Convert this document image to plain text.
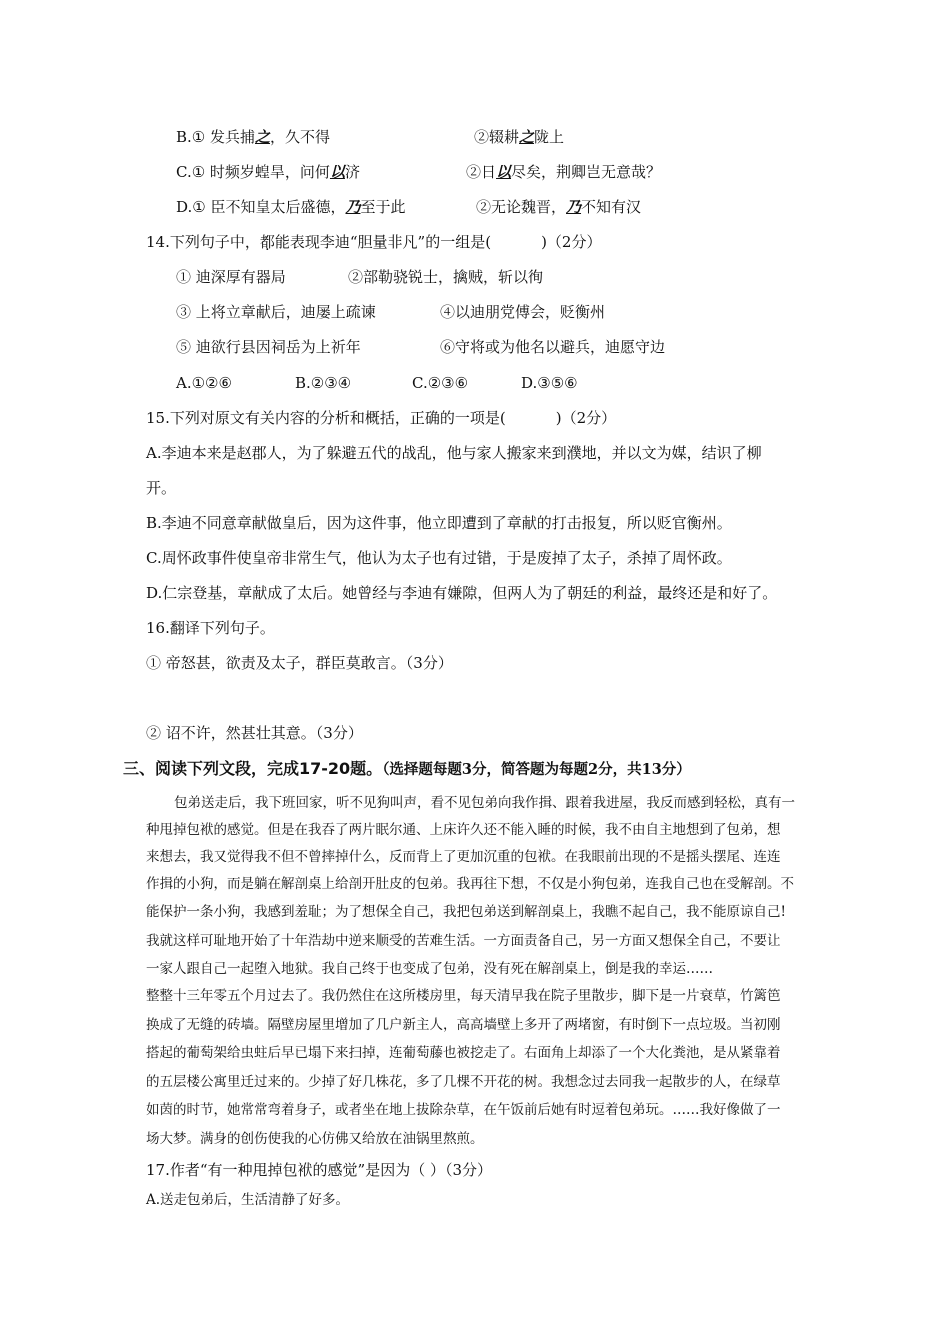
B.① 发兵捕之，久不得	②辍耕之陇上
C.① 时频岁蝗旱，问何以济	②日以尽矣，荆卿岂无意哉？
D.① 臣不知皇太后盛德，乃至于此	②无论魏晋，乃不知有汉
14.下列句子中，都能表现李迪“胆量非凡”的一组是(	)（2分）
① 迪深厚有器局	②部勒骁锐士，擒贼，斩以徇
③ 上将立章献后，迪屡上疏谏	④以迪朋党傅会，贬衡州
⑤ 迪欲行县因祠岳为上祈年	⑥守将或为他名以避兵，迪愿守边
A.①②⑥	B.②③④	C.②③⑥	D.③⑤⑥
15.下列对原文有关内容的分析和概括，正确的一项是(	)（2分）
A.李迪本来是赵郡人，为了躲避五代的战乱，他与家人搬家来到濮地，并以文为媒，结识了柳
开。
B.李迪不同意章献做皇后，因为这件事，他立即遭到了章献的打击报复，所以贬官衡州。
C.周怀政事件使皇帝非常生气，他认为太子也有过错，于是废掉了太子，杀掉了周怀政。
D.仁宗登基，章献成了太后。她曾经与李迪有嫌隙，但两人为了朝廷的利益，最终还是和好了。
16.翻译下列句子。
① 帝怒甚，欲责及太子，群臣莫敢言。（3分）
② 诏不许，然甚壮其意。（3分）
三、阅读下列文段，完成17-20题。（选择题每题3分，简答题为每题2分，共13分）
包弟送走后，我下班回家，听不见狗叫声，看不见包弟向我作揖、跟着我进屋，我反而感到轻松，真有一
种甩掉包袱的感觉。但是在我吞了两片眠尔通、上床许久还不能入睡的时候，我不由自主地想到了包弟，想
来想去，我又觉得我不但不曾摔掉什么，反而背上了更加沉重的包袱。在我眼前出现的不是摇头摆尾、连连
作揖的小狗，而是躺在解剖桌上给剖开肚皮的包弟。我再往下想，不仅是小狗包弟，连我自己也在受解剖。不
能保护一条小狗，我感到羞耻；为了想保全自己，我把包弟送到解剖桌上，我瞧不起自己，我不能原谅自己!
我就这样可耻地开始了十年浩劫中逆来顺受的苦难生活。一方面责备自己，另一方面又想保全自己，不要让
一家人跟自己一起堕入地狱。我自己终于也变成了包弟，没有死在解剖桌上，倒是我的幸运……
整整十三年零五个月过去了。我仍然住在这所楼房里，每天清早我在院子里散步，脚下是一片衰草，竹篱笆
换成了无缝的砖墙。隔壁房屋里增加了几户新主人，高高墙壁上多开了两堵窗，有时倒下一点垃圾。当初刚
搭起的葡萄架给虫蛀后早已塌下来扫掉，连葡萄藤也被挖走了。右面角上却添了一个大化粪池，是从紧靠着
的五层楼公寓里迁过来的。少掉了好几株花，多了几棵不开花的树。我想念过去同我一起散步的人，在绿草
如茵的时节，她常常弯着身子，或者坐在地上拔除杂草，在午饭前后她有时逗着包弟玩。……我好像做了一
场大梦。满身的创伤使我的心仿佛又给放在油锅里熬煎。
17.作者“有一种甩掉包袱的感觉”是因为（ ）（3分）
A.送走包弟后，生活清静了好多。
